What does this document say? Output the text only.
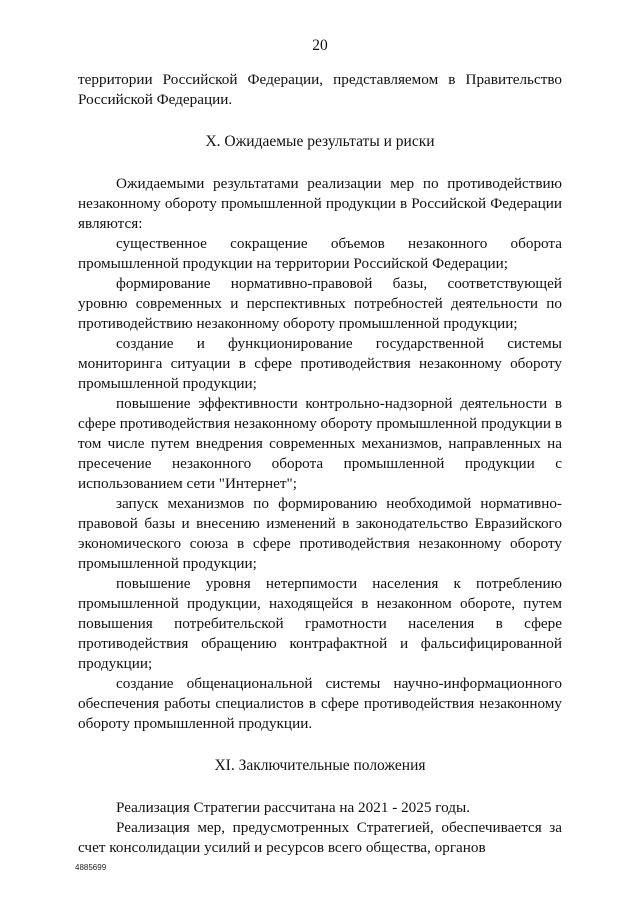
20

территории Российской Федерации, представляемом в Правительство Российской Федерации.

X. Ожидаемые результаты и риски

Ожидаемыми результатами реализации мер по противодействию незаконному обороту промышленной продукции в Российской Федерации являются:

существенное сокращение объемов незаконного оборота промышленной продукции на территории Российской Федерации;

формирование нормативно-правовой базы, соответствующей уровню современных и перспективных потребностей деятельности по противодействию незаконному обороту промышленной продукции;

создание и функционирование государственной системы мониторинга ситуации в сфере противодействия незаконному обороту промышленной продукции;

повышение эффективности контрольно-надзорной деятельности в сфере противодействия незаконному обороту промышленной продукции в том числе путем внедрения современных механизмов, направленных на пресечение незаконного оборота промышленной продукции с использованием сети "Интернет";

запуск механизмов по формированию необходимой нормативно-правовой базы и внесению изменений в законодательство Евразийского экономического союза в сфере противодействия незаконному обороту промышленной продукции;

повышение уровня нетерпимости населения к потреблению промышленной продукции, находящейся в незаконном обороте, путем повышения потребительской грамотности населения в сфере противодействия обращению контрафактной и фальсифицированной продукции;

создание общенациональной системы научно-информационного обеспечения работы специалистов в сфере противодействия незаконному обороту промышленной продукции.

XI. Заключительные положения

Реализация Стратегии рассчитана на 2021 - 2025 годы.

Реализация мер, предусмотренных Стратегией, обеспечивается за счет консолидации усилий и ресурсов всего общества, органов

4885699
